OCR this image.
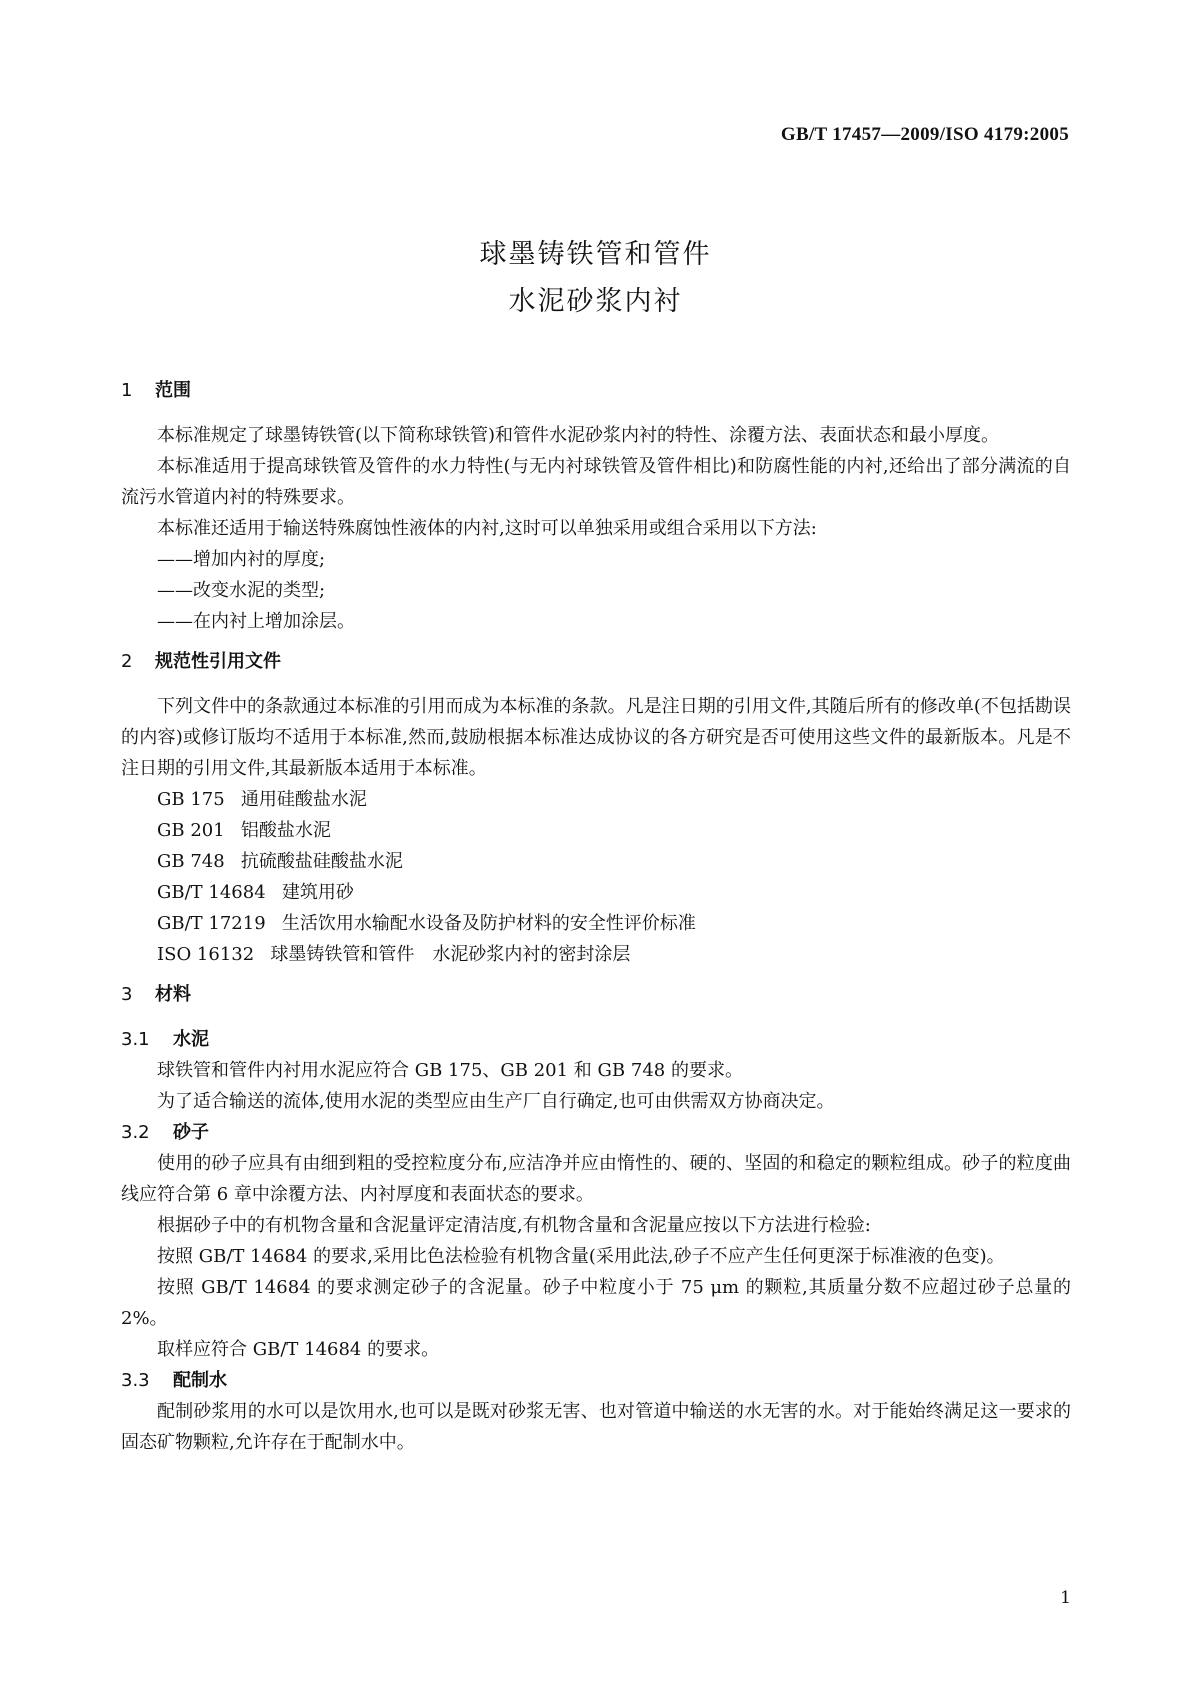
GB/T 17457—2009/ISO 4179:2005
球墨铸铁管和管件
水泥砂浆内衬
1 范围
本标准规定了球墨铸铁管(以下简称球铁管)和管件水泥砂浆内衬的特性、涂覆方法、表面状态和最小厚度。
本标准适用于提高球铁管及管件的水力特性(与无内衬球铁管及管件相比)和防腐性能的内衬,还给出了部分满流的自流污水管道内衬的特殊要求。
本标准还适用于输送特殊腐蚀性液体的内衬,这时可以单独采用或组合采用以下方法:
——增加内衬的厚度;
——改变水泥的类型;
——在内衬上增加涂层。
2 规范性引用文件
下列文件中的条款通过本标准的引用而成为本标准的条款。凡是注日期的引用文件,其随后所有的修改单(不包括勘误的内容)或修订版均不适用于本标准,然而,鼓励根据本标准达成协议的各方研究是否可使用这些文件的最新版本。凡是不注日期的引用文件,其最新版本适用于本标准。
GB 175 通用硅酸盐水泥
GB 201 铝酸盐水泥
GB 748 抗硫酸盐硅酸盐水泥
GB/T 14684 建筑用砂
GB/T 17219 生活饮用水输配水设备及防护材料的安全性评价标准
ISO 16132 球墨铸铁管和管件　水泥砂浆内衬的密封涂层
3 材料
3.1 水泥
球铁管和管件内衬用水泥应符合 GB 175、GB 201 和 GB 748 的要求。
为了适合输送的流体,使用水泥的类型应由生产厂自行确定,也可由供需双方协商决定。
3.2 砂子
使用的砂子应具有由细到粗的受控粒度分布,应洁净并应由惰性的、硬的、坚固的和稳定的颗粒组成。砂子的粒度曲线应符合第 6 章中涂覆方法、内衬厚度和表面状态的要求。
根据砂子中的有机物含量和含泥量评定清洁度,有机物含量和含泥量应按以下方法进行检验:
按照 GB/T 14684 的要求,采用比色法检验有机物含量(采用此法,砂子不应产生任何更深于标准液的色变)。
按照 GB/T 14684 的要求测定砂子的含泥量。砂子中粒度小于 75 μm 的颗粒,其质量分数不应超过砂子总量的 2%。
取样应符合 GB/T 14684 的要求。
3.3 配制水
配制砂浆用的水可以是饮用水,也可以是既对砂浆无害、也对管道中输送的水无害的水。对于能始终满足这一要求的固态矿物颗粒,允许存在于配制水中。
1
